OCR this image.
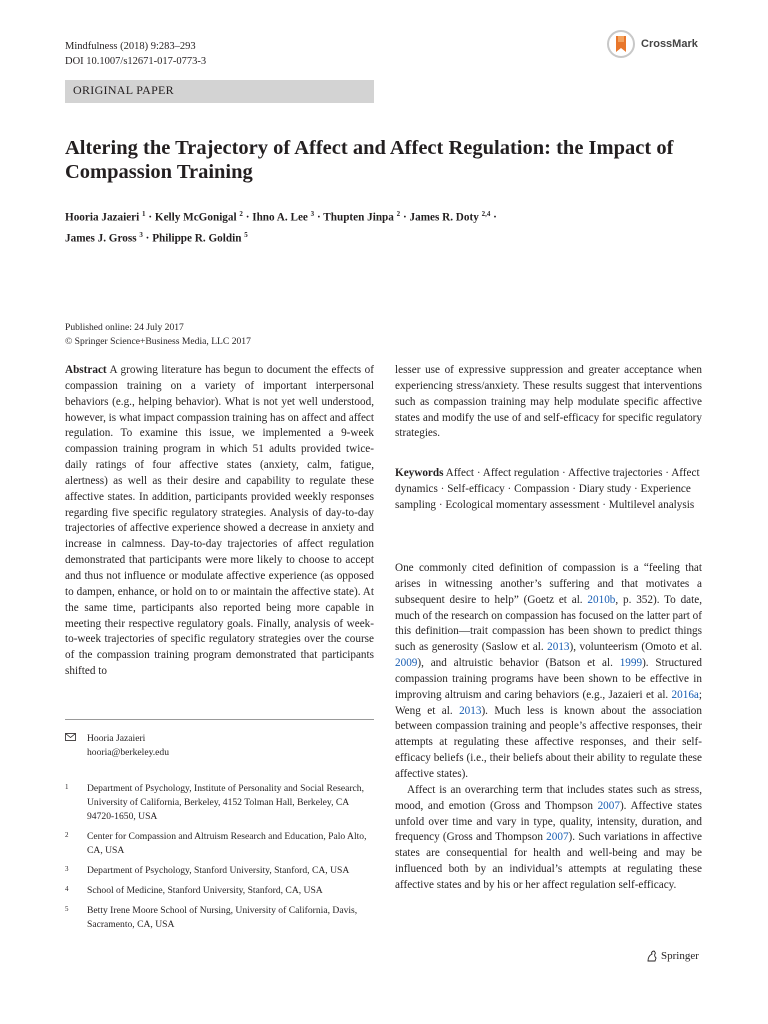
Mindfulness (2018) 9:283–293
DOI 10.1007/s12671-017-0773-3
CrossMark
ORIGINAL PAPER
Altering the Trajectory of Affect and Affect Regulation: the Impact of Compassion Training
Hooria Jazaieri $^1$ · Kelly McGonigal $^2$ · Ihno A. Lee $^3$ · Thupten Jinpa $^2$ · James R. Doty $^{2,4}$ ·
James J. Gross $^3$ · Philippe R. Goldin $^5$
Published online: 24 July 2017
© Springer Science+Business Media, LLC 2017

Abstract A growing literature has begun to document the effects of compassion training on a variety of important interpersonal behaviors (e.g., helping behavior). What is not yet well understood, however, is what impact compassion training has on affect and affect regulation. To examine this issue, we implemented a 9-week compassion training program in which 51 adults provided twice-daily ratings of four affective states (anxiety, calm, fatigue, alertness) as well as their desire and capability to regulate these affective states. In addition, participants provided weekly responses regarding five specific regulatory strategies. Analysis of day-to-day trajectories of affective experience showed a decrease in anxiety and increase in calmness. Day-to-day trajectories of affect regulation demonstrated that participants were more likely to choose to accept and thus not influence or modulate affective experience (as opposed to dampen, enhance, or hold on to or maintain the affective state). At the same time, participants also reported being more capable in meeting their respective regulatory goals. Finally, analysis of week-to-week trajectories of specific regulatory strategies over the course of the compassion training program demonstrated that participants shifted to

lesser use of expressive suppression and greater acceptance when experiencing stress/anxiety. These results suggest that interventions such as compassion training may help modulate specific affective states and modify the use of and self-efficacy for specific regulatory strategies.

Keywords Affect · Affect regulation · Affective trajectories · Affect dynamics · Self-efficacy · Compassion · Diary study · Experience sampling · Ecological momentary assessment · Multilevel analysis

One commonly cited definition of compassion is a “feeling that arises in witnessing another’s suffering and that motivates a subsequent desire to help” (Goetz et al. 2010b, p. 352). To date, much of the research on compassion has focused on the latter part of this definition—trait compassion has been shown to predict things such as generosity (Saslow et al. 2013), volunteerism (Omoto et al. 2009), and altruistic behavior (Batson et al. 1999). Structured compassion training programs have been shown to be effective in improving altruism and caring behaviors (e.g., Jazaieri et al. 2016a; Weng et al. 2013). Much less is known about the association between compassion training and people’s affective responses, their attempts at regulating these affective responses, and their self-efficacy beliefs (i.e., their beliefs about their ability to regulate these affective states).

Affect is an overarching term that includes states such as stress, mood, and emotion (Gross and Thompson 2007). Affective states unfold over time and vary in type, quality, intensity, duration, and frequency (Gross and Thompson 2007). Such variations in affective states are consequential for health and well-being and may be influenced both by an individual’s attempts at regulating these affective states and by his or her affect regulation self-efficacy.

Hooria Jazaieri
hooria@berkeley.edu
1	Department of Psychology, Institute of Personality and Social Research, University of California, Berkeley, 4152 Tolman Hall, Berkeley, CA 94720-1650, USA
2	Center for Compassion and Altruism Research and Education, Palo Alto, CA, USA
3	Department of Psychology, Stanford University, Stanford, CA, USA
4	School of Medicine, Stanford University, Stanford, CA, USA
5	Betty Irene Moore School of Nursing, University of California, Davis, Sacramento, CA, USA
Springer
